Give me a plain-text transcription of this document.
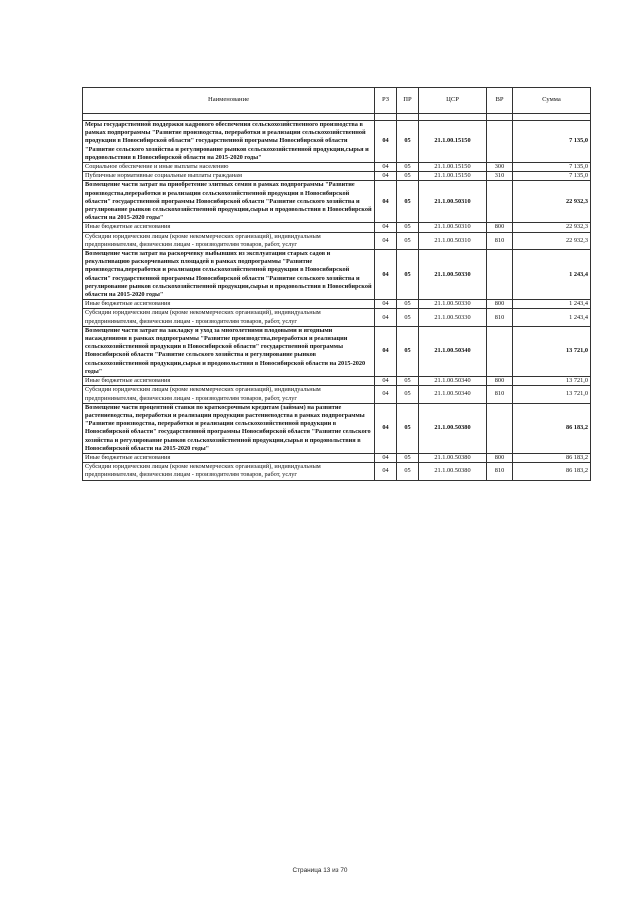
Наименование	РЗ	ПР	ЦСР	ВР	Сумма

Меры государственной поддержки кадрового обеспечения сельскохозяйственного производства в рамках подпрограммы "Развитие производства, переработки и реализации сельскохозяйственной продукции в Новосибирской области" государственной программы Новосибирской области "Развитие сельского хозяйства и регулирование рынков сельскохозяйственной продукции,сырья и продовольствия в Новосибирской области на 2015-2020 годы"	04	05	21.1.00.15150		7 135,0
Социальное обеспечение и иные выплаты населению	04	05	21.1.00.15150	300	7 135,0
Публичные нормативные социальные выплаты гражданам	04	05	21.1.00.15150	310	7 135,0
Возмещение части затрат на приобретение элитных семян в рамках подпрограммы "Развитие производства,переработки и реализации сельскохозяйственной продукции в Новосибирской области" государственной программы Новосибирской области "Развитие сельского хозяйства и регулирование рынков сельскохозяйственной продукции,сырья и продовольствия в Новосибирской области на 2015-2020 годы"	04	05	21.1.00.50310		22 932,3
Иные бюджетные ассигнования	04	05	21.1.00.50310	800	22 932,3
Субсидии юридическим лицам (кроме некоммерческих организаций), индивидуальным предпринимателям, физическим лицам - производителям товаров, работ, услуг	04	05	21.1.00.50310	810	22 932,3
Возмещение части затрат на раскорчевку выбывших из эксплуатации старых садов и рекультивацию раскорчеванных площадей в рамках подпрограммы "Развитие производства,переработки и реализации сельскохозяйственной продукции в Новосибирской области" государственной программы Новосибирской области "Развитие сельского хозяйства и регулирование рынков сельскохозяйственной продукции,сырья и продовольствия в Новосибирской области на 2015-2020 годы"	04	05	21.1.00.50330		1 243,4
Иные бюджетные ассигнования	04	05	21.1.00.50330	800	1 243,4
Субсидии юридическим лицам (кроме некоммерческих организаций), индивидуальным предпринимателям, физическим лицам - производителям товаров, работ, услуг	04	05	21.1.00.50330	810	1 243,4
Возмещение части затрат на закладку и уход за многолетними плодовыми и ягодными насаждениями в рамках подпрограммы "Развитие производства,переработки и реализации сельскохозяйственной продукции в Новосибирской области" государственной программы Новосибирской области "Развитие сельского хозяйства и регулирование рынков сельскохозяйственной продукции,сырья и продовольствия в Новосибирской области на 2015-2020 годы"	04	05	21.1.00.50340		13 721,0
Иные бюджетные ассигнования	04	05	21.1.00.50340	800	13 721,0
Субсидии юридическим лицам (кроме некоммерческих организаций), индивидуальным предпринимателям, физическим лицам - производителям товаров, работ, услуг	04	05	21.1.00.50340	810	13 721,0
Возмещение части процентной ставки по краткосрочным кредитам (займам) на развитие растениеводства, переработки и реализации продукции растениеводства в рамках подпрограммы "Развитие производства, переработки и реализации сельскохозяйственной продукции в Новосибирской области" государственной программы Новосибирской области "Развитие сельского хозяйства и регулирование рынков сельскохозяйственной продукции,сырья и продовольствия в Новосибирской области на 2015-2020 годы"	04	05	21.1.00.50380		86 183,2
Иные бюджетные ассигнования	04	05	21.1.00.50380	800	86 183,2
Субсидии юридическим лицам (кроме некоммерческих организаций), индивидуальным предпринимателям, физическим лицам - производителям товаров, работ, услуг	04	05	21.1.00.50380	810	86 183,2
Страница 13 из 70
